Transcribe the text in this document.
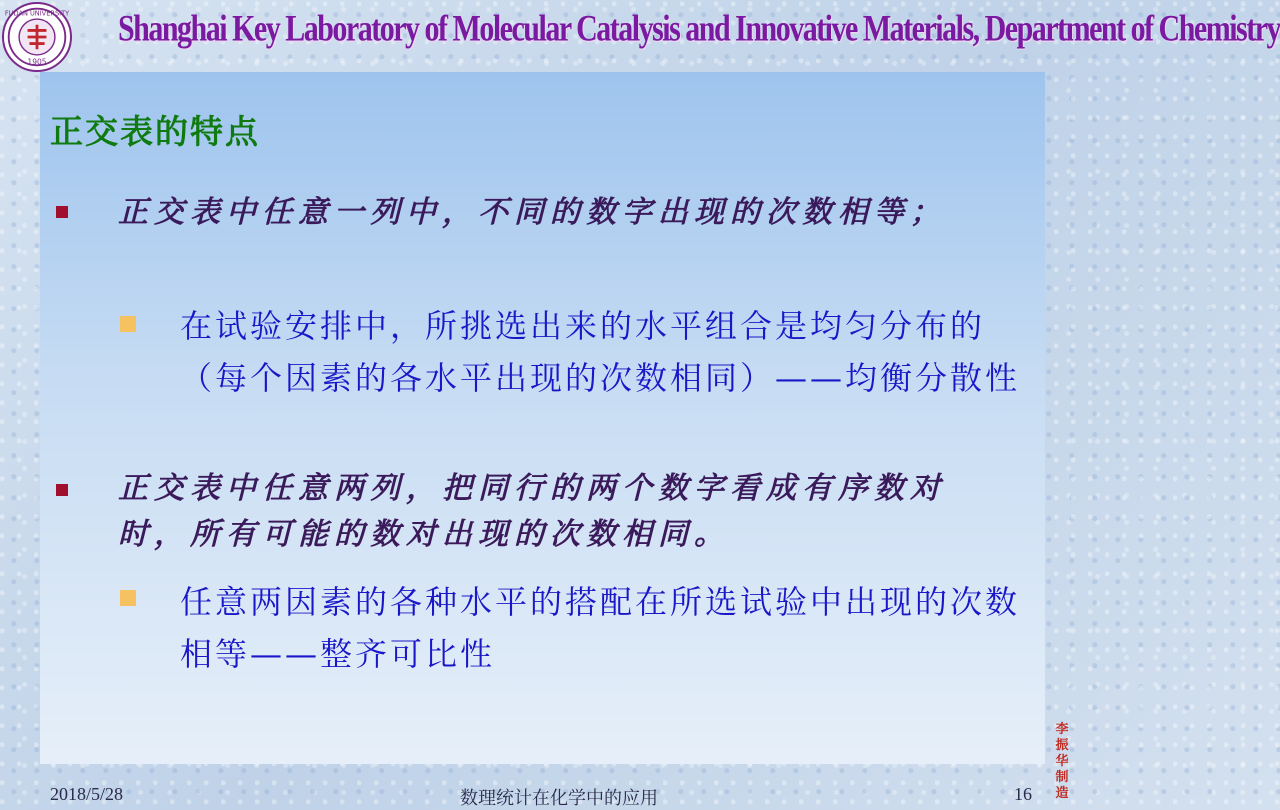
FUDAN UNIVERSITY
1905
Shanghai Key Laboratory of Molecular Catalysis and Innovative Materials, Department of Chemistry
正交表的特点
正交表中任意一列中，不同的数字出现的次数相等；
在试验安排中，所挑选出来的水平组合是均匀分布的（每个因素的各水平出现的次数相同）——均衡分散性
正交表中任意两列，把同行的两个数字看成有序数对时，所有可能的数对出现的次数相同。
任意两因素的各种水平的搭配在所选试验中出现的次数相等——整齐可比性
2018/5/28	数理统计在化学中的应用	16
李
振
华
制
造
